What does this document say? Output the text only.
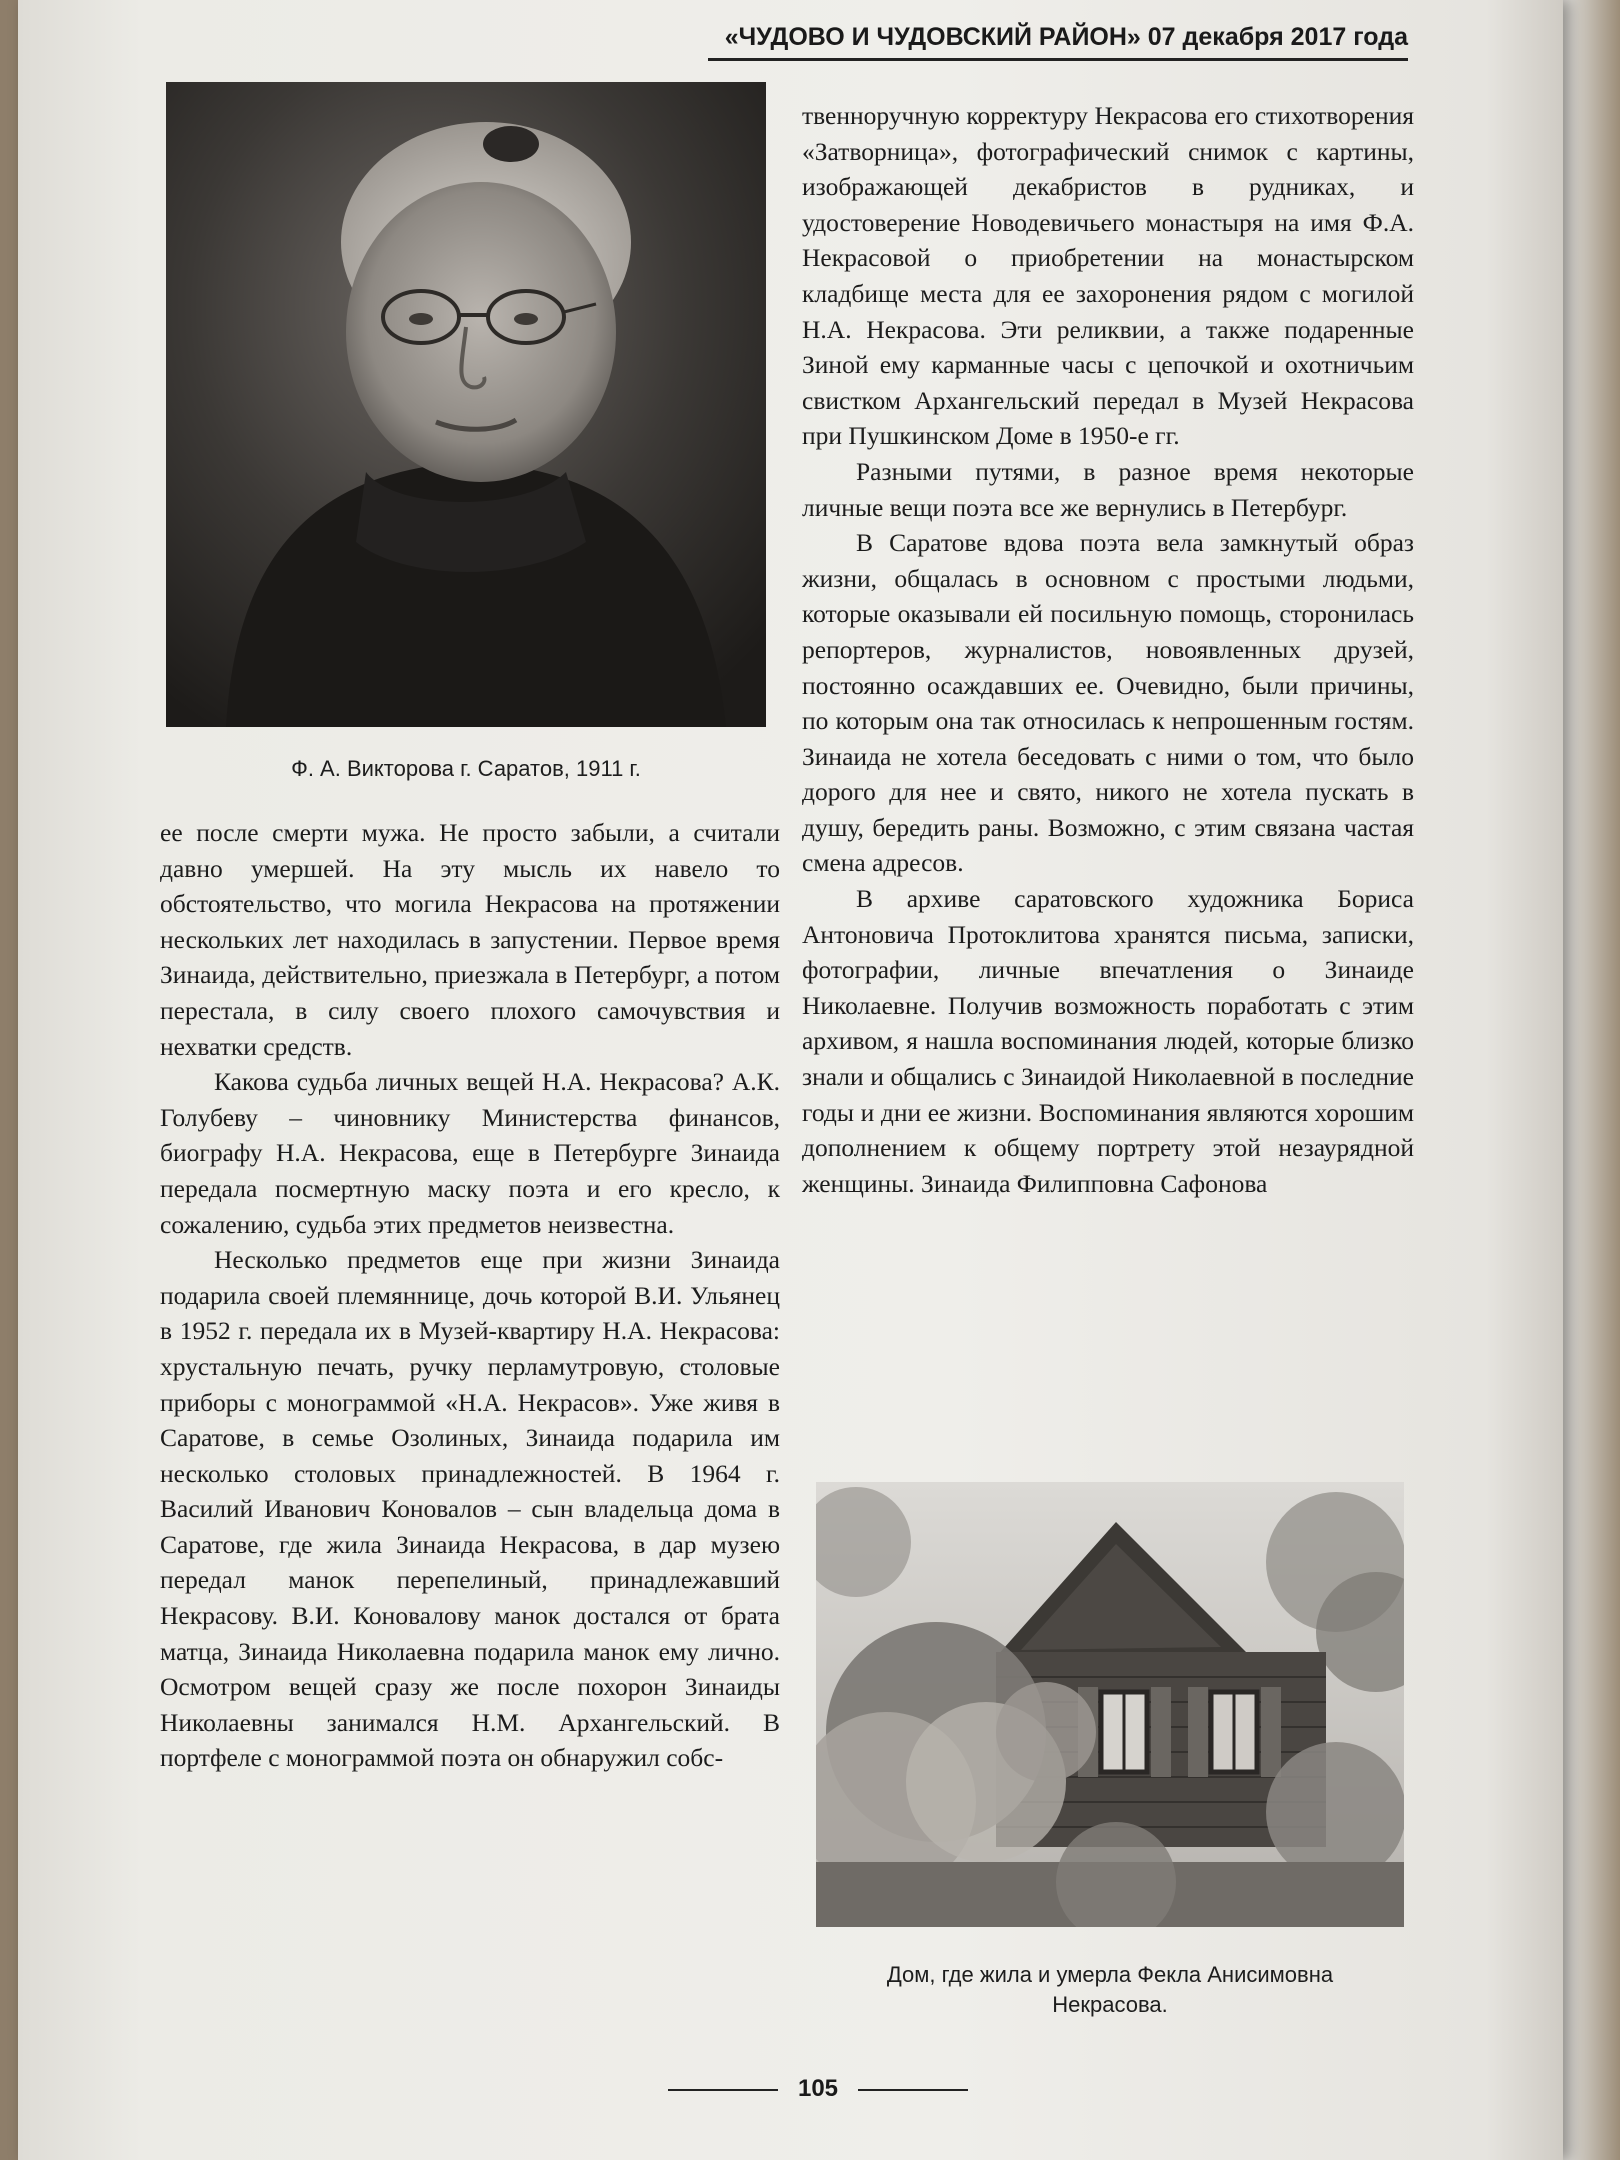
«ЧУДОВО И ЧУДОВСКИЙ РАЙОН» 07 декабря 2017 года
Ф. А. Викторова г. Саратов, 1911 г.

ее после смерти мужа. Не просто забыли, а считали давно умершей. На эту мысль их навело то обстоятельство, что могила Некрасова на протяжении нескольких лет находилась в запустении. Первое время Зинаида, действительно, приезжала в Петербург, а потом перестала, в силу своего плохого самочувствия и нехватки средств.

Какова судьба личных вещей Н.А. Некрасова? А.К. Голубеву – чиновнику Министерства финансов, биографу Н.А. Некрасова, еще в Петербурге Зинаида передала посмертную маску поэта и его кресло, к сожалению, судьба этих предметов неизвестна.

Несколько предметов еще при жизни Зинаида подарила своей племяннице, дочь которой В.И. Ульянец в 1952 г. передала их в Музей-квартиру Н.А. Некрасова: хрустальную печать, ручку перламутровую, столовые приборы с монограммой «Н.А. Некрасов». Уже живя в Саратове, в семье Озолиных, Зинаида подарила им несколько столовых принадлежностей. В 1964 г. Василий Иванович Коновалов – сын владельца дома в Саратове, где жила Зинаида Некрасова, в дар музею передал манок перепелиный, принадлежавший Некрасову. В.И. Коновалову манок достался от брата матца, Зинаида Николаевна подарила манок ему лично. Осмотром вещей сразу же после похорон Зинаиды Николаевны занимался Н.М. Архангельский. В портфеле с монограммой поэта он обнаружил собс-

твенноручную корректуру Некрасова его стихотворения «Затворница», фотографический снимок с картины, изображающей декабристов в рудниках, и удостоверение Новодевичьего монастыря на имя Ф.А. Некрасовой о приобретении на монастырском кладбище места для ее захоронения рядом с могилой Н.А. Некрасова. Эти реликвии, а также подаренные Зиной ему карманные часы с цепочкой и охотничьим свистком Архангельский передал в Музей Некрасова при Пушкинском Доме в 1950-е гг.

Разными путями, в разное время некоторые личные вещи поэта все же вернулись в Петербург.

В Саратове вдова поэта вела замкнутый образ жизни, общалась в основном с простыми людьми, которые оказывали ей посильную помощь, сторонилась репортеров, журналистов, новоявленных друзей, постоянно осаждавших ее. Очевидно, были причины, по которым она так относилась к непрошенным гостям. Зинаида не хотела беседовать с ними о том, что было дорого для нее и свято, никого не хотела пускать в душу, бередить раны. Возможно, с этим связана частая смена адресов.

В архиве саратовского художника Бориса Антоновича Протоклитова хранятся письма, записки, фотографии, личные впечатления о Зинаиде Николаевне. Получив возможность поработать с этим архивом, я нашла воспоминания людей, которые близко знали и общались с Зинаидой Николаевной в последние годы и дни ее жизни. Воспоминания являются хорошим дополнением к общему портрету этой незаурядной женщины. Зинаида Филипповна Сафонова

Дом, где жила и умерла Фекла Анисимовна
Некрасова.
105
